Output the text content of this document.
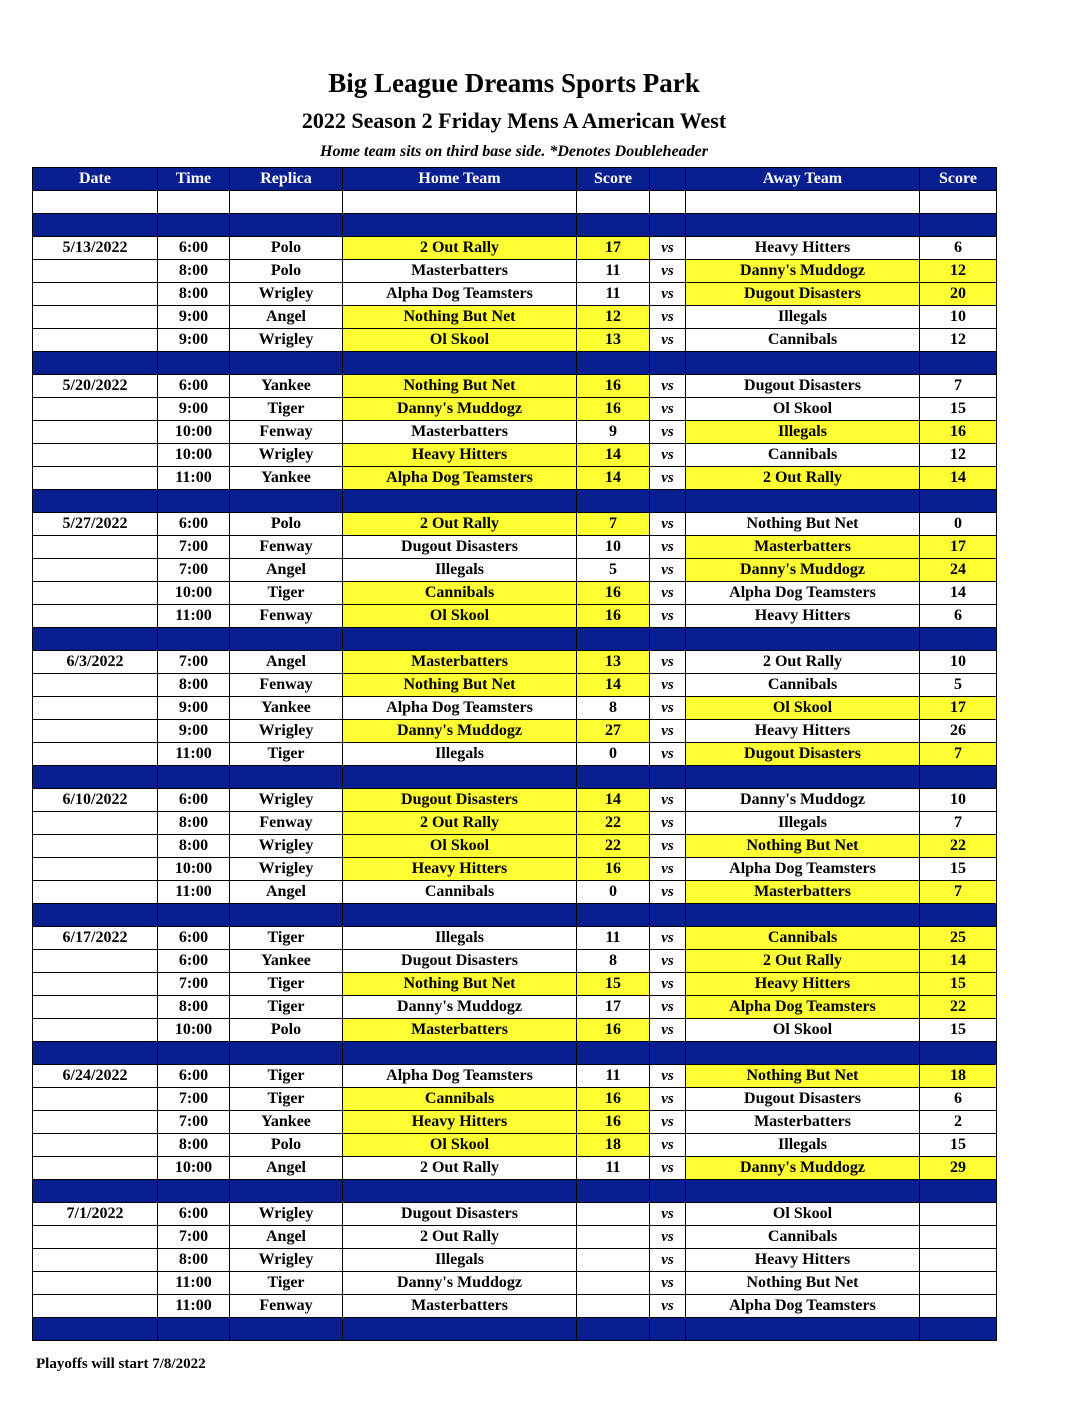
Big League Dreams Sports Park
2022 Season 2 Friday Mens A American West
Home team sits on third base side. *Denotes Doubleheader
Date	Time	Replica	Home Team	Score		Away Team	Score

5/13/2022	6:00	Polo	2 Out Rally	17	vs	Heavy Hitters	6
	8:00	Polo	Masterbatters	11	vs	Danny's Muddogz	12
	8:00	Wrigley	Alpha Dog Teamsters	11	vs	Dugout Disasters	20
	9:00	Angel	Nothing But Net	12	vs	Illegals	10
	9:00	Wrigley	Ol Skool	13	vs	Cannibals	12

5/20/2022	6:00	Yankee	Nothing But Net	16	vs	Dugout Disasters	7
	9:00	Tiger	Danny's Muddogz	16	vs	Ol Skool	15
	10:00	Fenway	Masterbatters	9	vs	Illegals	16
	10:00	Wrigley	Heavy Hitters	14	vs	Cannibals	12
	11:00	Yankee	Alpha Dog Teamsters	14	vs	2 Out Rally	14

5/27/2022	6:00	Polo	2 Out Rally	7	vs	Nothing But Net	0
	7:00	Fenway	Dugout Disasters	10	vs	Masterbatters	17
	7:00	Angel	Illegals	5	vs	Danny's Muddogz	24
	10:00	Tiger	Cannibals	16	vs	Alpha Dog Teamsters	14
	11:00	Fenway	Ol Skool	16	vs	Heavy Hitters	6

6/3/2022	7:00	Angel	Masterbatters	13	vs	2 Out Rally	10
	8:00	Fenway	Nothing But Net	14	vs	Cannibals	5
	9:00	Yankee	Alpha Dog Teamsters	8	vs	Ol Skool	17
	9:00	Wrigley	Danny's Muddogz	27	vs	Heavy Hitters	26
	11:00	Tiger	Illegals	0	vs	Dugout Disasters	7

6/10/2022	6:00	Wrigley	Dugout Disasters	14	vs	Danny's Muddogz	10
	8:00	Fenway	2 Out Rally	22	vs	Illegals	7
	8:00	Wrigley	Ol Skool	22	vs	Nothing But Net	22
	10:00	Wrigley	Heavy Hitters	16	vs	Alpha Dog Teamsters	15
	11:00	Angel	Cannibals	0	vs	Masterbatters	7

6/17/2022	6:00	Tiger	Illegals	11	vs	Cannibals	25
	6:00	Yankee	Dugout Disasters	8	vs	2 Out Rally	14
	7:00	Tiger	Nothing But Net	15	vs	Heavy Hitters	15
	8:00	Tiger	Danny's Muddogz	17	vs	Alpha Dog Teamsters	22
	10:00	Polo	Masterbatters	16	vs	Ol Skool	15

6/24/2022	6:00	Tiger	Alpha Dog Teamsters	11	vs	Nothing But Net	18
	7:00	Tiger	Cannibals	16	vs	Dugout Disasters	6
	7:00	Yankee	Heavy Hitters	16	vs	Masterbatters	2
	8:00	Polo	Ol Skool	18	vs	Illegals	15
	10:00	Angel	2 Out Rally	11	vs	Danny's Muddogz	29

7/1/2022	6:00	Wrigley	Dugout Disasters		vs	Ol Skool	
	7:00	Angel	2 Out Rally		vs	Cannibals	
	8:00	Wrigley	Illegals		vs	Heavy Hitters	
	11:00	Tiger	Danny's Muddogz		vs	Nothing But Net	
	11:00	Fenway	Masterbatters		vs	Alpha Dog Teamsters	

Playoffs will start 7/8/2022
